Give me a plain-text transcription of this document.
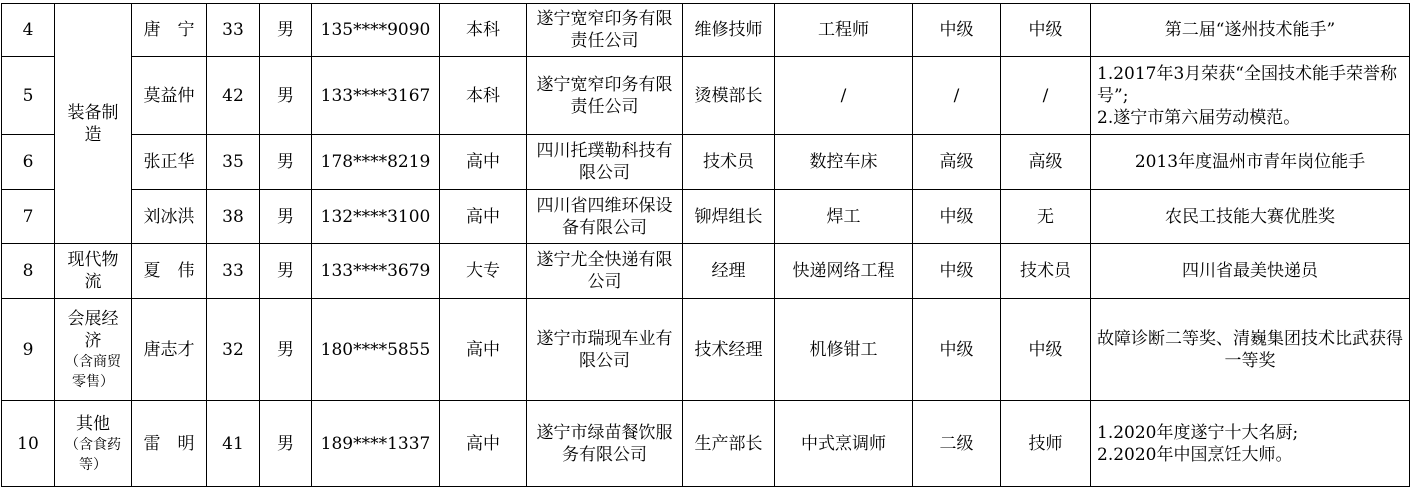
4	装备制造	唐　宁	33	男	135****9090	本科	遂宁宽窄印务有限责任公司	维修技师	工程师	中级	中级	第二届“遂州技术能手”
5		莫益仲	42	男	133****3167	本科	遂宁宽窄印务有限责任公司	烫模部长	/	/	/	1.2017年3月荣获“全国技术能手荣誉称号”;
2.遂宁市第六届劳动模范。

6		张正华	35	男	178****8219	高中	四川托璞勒科技有限公司	技术员	数控车床	高级	高级	2013年度温州市青年岗位能手
7		刘冰洪	38	男	132****3100	高中	四川省四维环保设备有限公司	铆焊组长	焊工	中级	无	农民工技能大赛优胜奖
8	现代物流	夏　伟	33	男	133****3679	大专	遂宁尤全快递有限公司	经理	快递网络工程	中级	技术员	四川省最美快递员
9	会展经济（含商贸零售）	唐志才	32	男	180****5855	高中	遂宁市瑞现车业有限公司	技术经理	机修钳工	中级	中级	故障诊断二等奖、清巍集团技术比武获得一等奖
10	其他（含食药等）	雷　明	41	男	189****1337	高中	遂宁市绿苗餐饮服务有限公司	生产部长	中式烹调师	二级	技师	1.2020年度遂宁十大名厨;
2.2020年中国烹饪大师。
